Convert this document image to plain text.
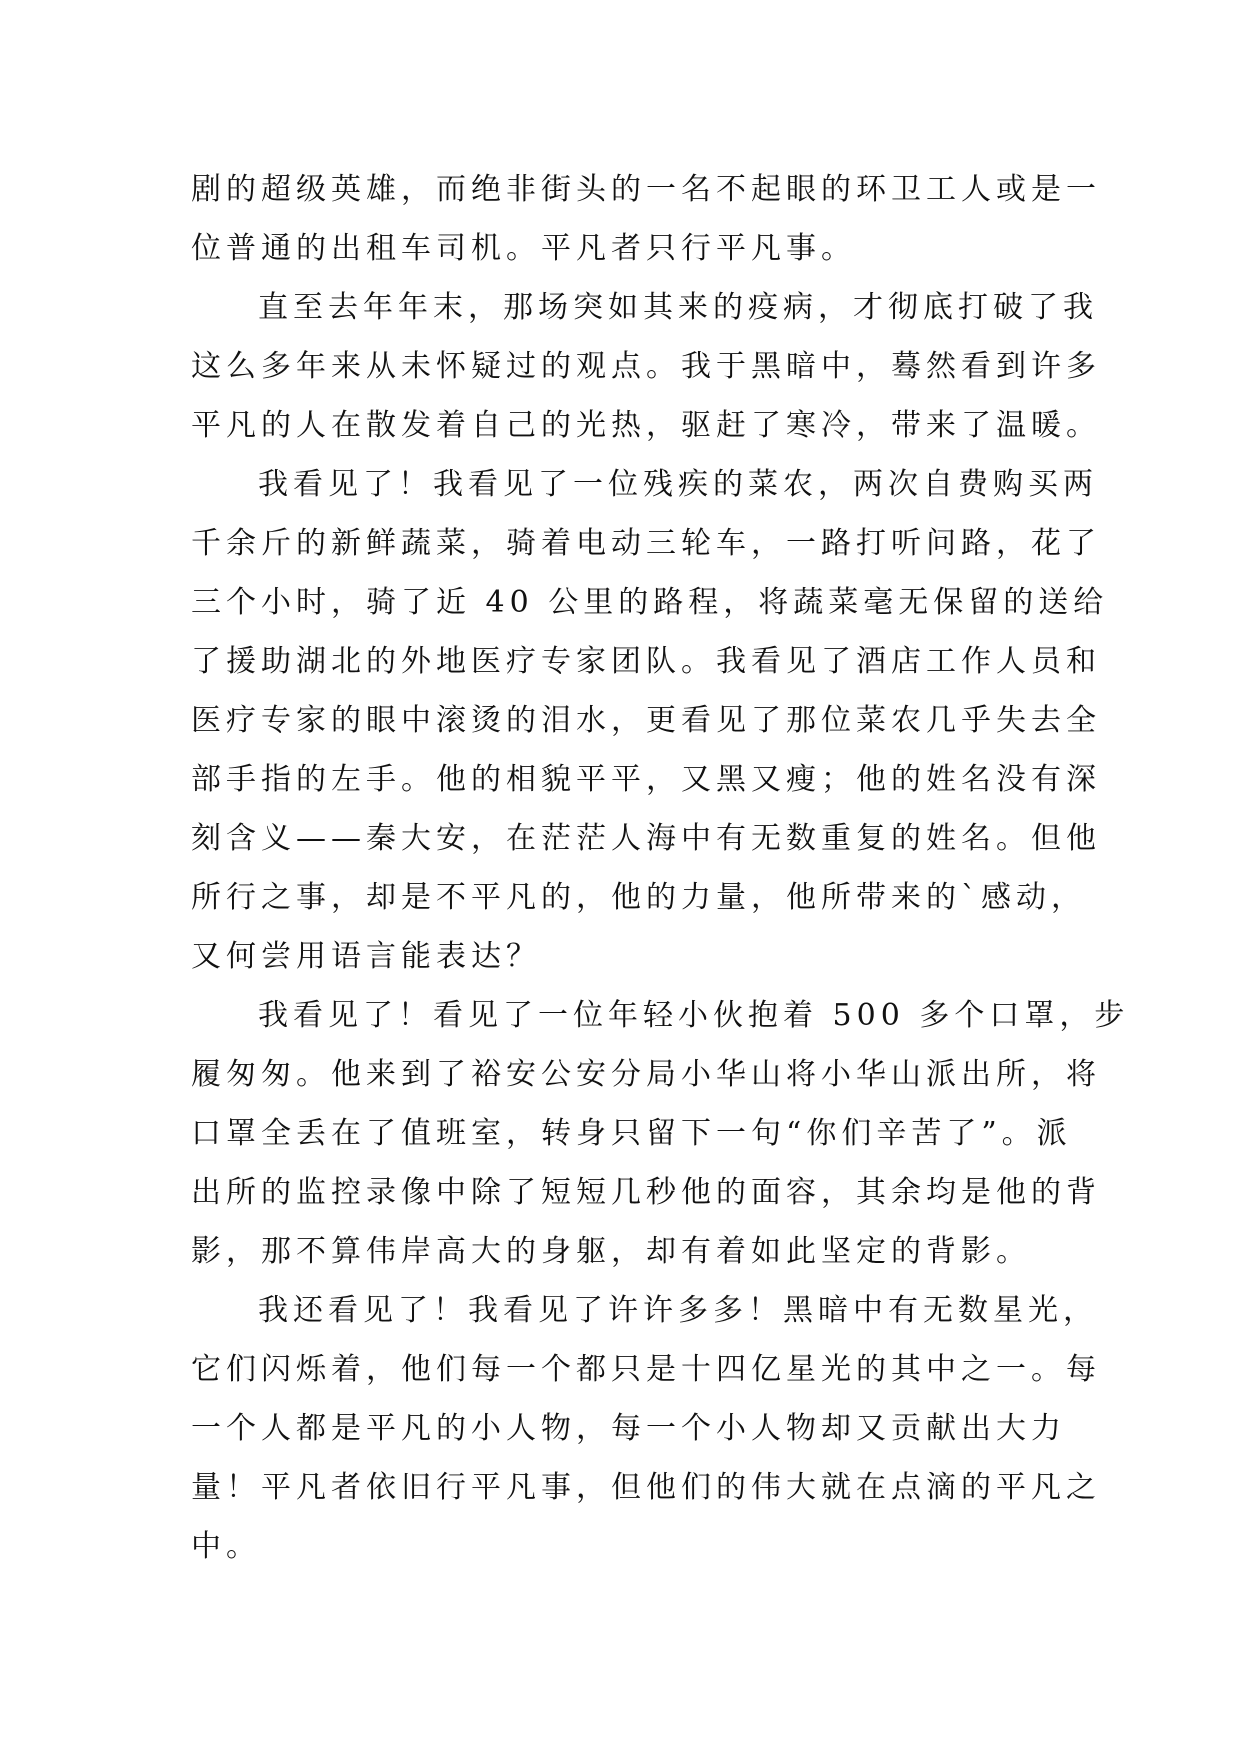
剧的超级英雄，而绝非街头的一名不起眼的环卫工人或是一
位普通的出租车司机。平凡者只行平凡事。
直至去年年末，那场突如其来的疫病，才彻底打破了我
这么多年来从未怀疑过的观点。我于黑暗中，蓦然看到许多
平凡的人在散发着自己的光热，驱赶了寒冷，带来了温暖。
我看见了！我看见了一位残疾的菜农，两次自费购买两
千余斤的新鲜蔬菜，骑着电动三轮车，一路打听问路，花了
三个小时，骑了近 40 公里的路程，将蔬菜毫无保留的送给
了援助湖北的外地医疗专家团队。我看见了酒店工作人员和
医疗专家的眼中滚烫的泪水，更看见了那位菜农几乎失去全
部手指的左手。他的相貌平平，又黑又瘦；他的姓名没有深
刻含义——秦大安，在茫茫人海中有无数重复的姓名。但他
所行之事，却是不平凡的，他的力量，他所带来的`感动，
又何尝用语言能表达？
我看见了！看见了一位年轻小伙抱着 500 多个口罩，步
履匆匆。他来到了裕安公安分局小华山将小华山派出所，将
口罩全丢在了值班室，转身只留下一句“你们辛苦了”。派
出所的监控录像中除了短短几秒他的面容，其余均是他的背
影，那不算伟岸高大的身躯，却有着如此坚定的背影。
我还看见了！我看见了许许多多！黑暗中有无数星光，
它们闪烁着，他们每一个都只是十四亿星光的其中之一。每
一个人都是平凡的小人物，每一个小人物却又贡献出大力
量！平凡者依旧行平凡事，但他们的伟大就在点滴的平凡之
中。
